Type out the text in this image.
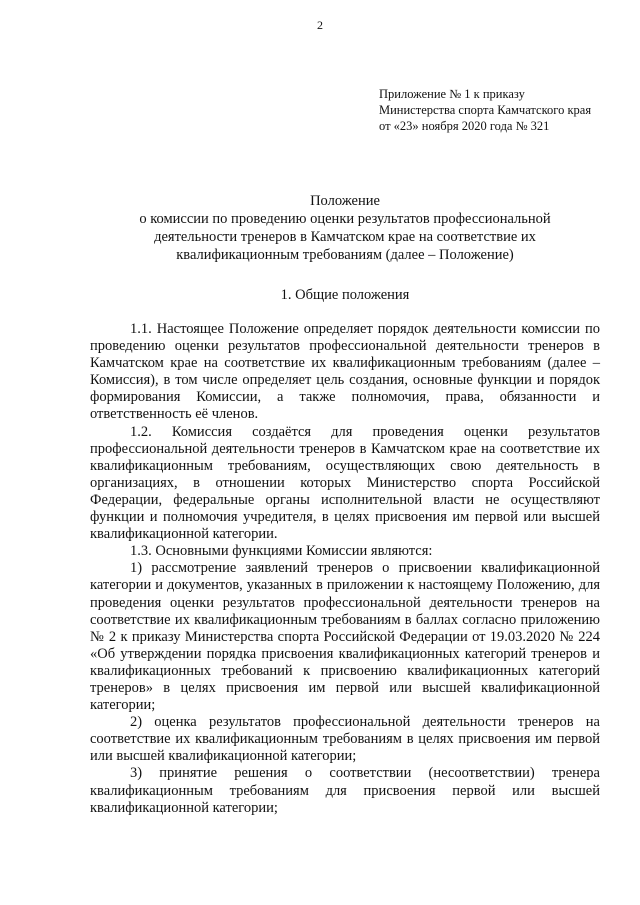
2
Приложение № 1 к приказу
Министерства спорта Камчатского края
от «23» ноября 2020 года № 321
Положение
о комиссии по проведению оценки результатов профессиональной
деятельности тренеров в Камчатском крае на соответствие их
квалификационным требованиям (далее – Положение)
1. Общие положения

1.1. Настоящее Положение определяет порядок деятельности комиссии по проведению оценки результатов профессиональной деятельности тренеров в Камчатском крае на соответствие их квалификационным требованиям (далее – Комиссия), в том числе определяет цель создания, основные функции и порядок формирования Комиссии, а также полномочия, права, обязанности и ответственность её членов.

1.2. Комиссия создаётся для проведения оценки результатов профессиональной деятельности тренеров в Камчатском крае на соответствие их квалификационным требованиям, осуществляющих свою деятельность в организациях, в отношении которых Министерство спорта Российской Федерации, федеральные органы исполнительной власти не осуществляют функции и полномочия учредителя, в целях присвоения им первой или высшей квалификационной категории.

1.3. Основными функциями Комиссии являются:

1) рассмотрение заявлений тренеров о присвоении квалификационной категории и документов, указанных в приложении к настоящему Положению, для проведения оценки результатов профессиональной деятельности тренеров на соответствие их квалификационным требованиям в баллах согласно приложению № 2 к приказу Министерства спорта Российской Федерации от 19.03.2020 № 224 «Об утверждении порядка присвоения квалификационных категорий тренеров и квалификационных требований к присвоению квалификационных категорий тренеров» в целях присвоения им первой или высшей квалификационной категории;

2) оценка результатов профессиональной деятельности тренеров на соответствие их квалификационным требованиям в целях присвоения им первой или высшей квалификационной категории;

3) принятие решения о соответствии (несоответствии) тренера квалификационным требованиям для присвоения первой или высшей квалификационной категории;
